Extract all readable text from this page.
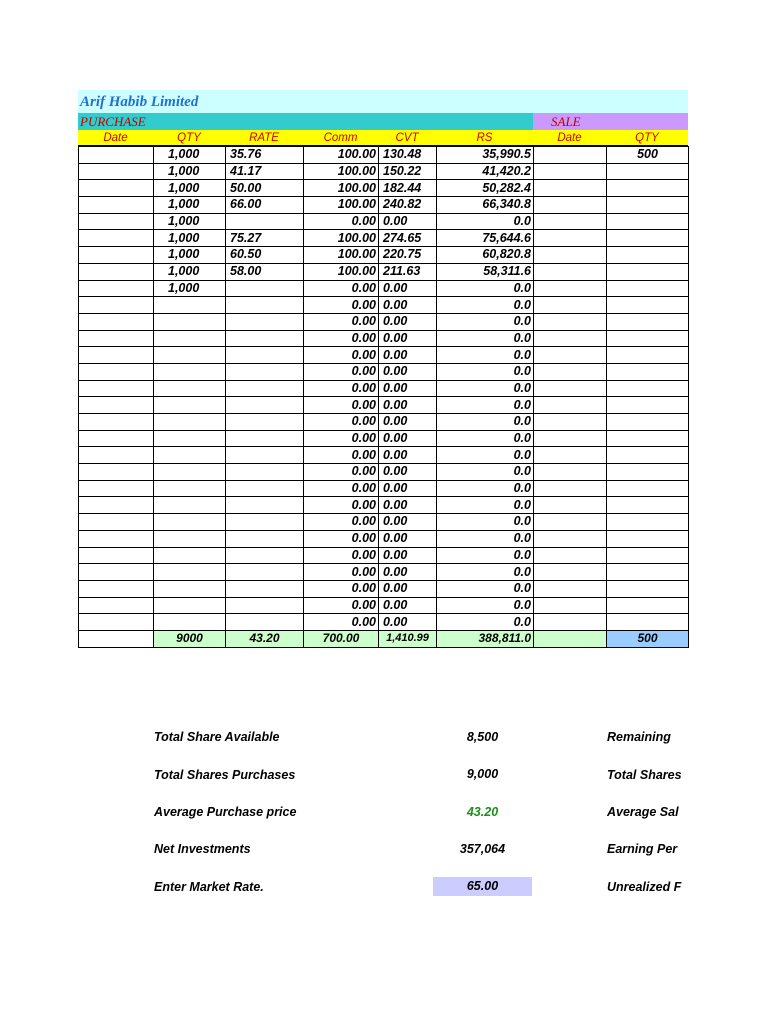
Arif Habib Limited
PURCHASE	SALE
Date	QTY	RATE	Comm	CVT	RS	Date	QTY
	1,000	35.76	100.00	130.48	35,990.5		500
	1,000	41.17	100.00	150.22	41,420.2		
	1,000	50.00	100.00	182.44	50,282.4		
	1,000	66.00	100.00	240.82	66,340.8		
	1,000		0.00	0.00	0.0		
	1,000	75.27	100.00	274.65	75,644.6		
	1,000	60.50	100.00	220.75	60,820.8		
	1,000	58.00	100.00	211.63	58,311.6		
	1,000		0.00	0.00	0.0		
			0.00	0.00	0.0		
			0.00	0.00	0.0		
			0.00	0.00	0.0		
			0.00	0.00	0.0		
			0.00	0.00	0.0		
			0.00	0.00	0.0		
			0.00	0.00	0.0		
			0.00	0.00	0.0		
			0.00	0.00	0.0		
			0.00	0.00	0.0		
			0.00	0.00	0.0		
			0.00	0.00	0.0		
			0.00	0.00	0.0		
			0.00	0.00	0.0		
			0.00	0.00	0.0		
			0.00	0.00	0.0		
			0.00	0.00	0.0		
			0.00	0.00	0.0		
			0.00	0.00	0.0		
			0.00	0.00	0.0		
	9000	43.20	700.00	1,410.99	388,811.0		500
Total Share Available	8,500	Remaining
Total Shares Purchases	9,000	Total Shares
Average Purchase price	43.20	Average Sal
Net Investments	357,064	Earning Per
Enter Market Rate.	65.00	Unrealized F
